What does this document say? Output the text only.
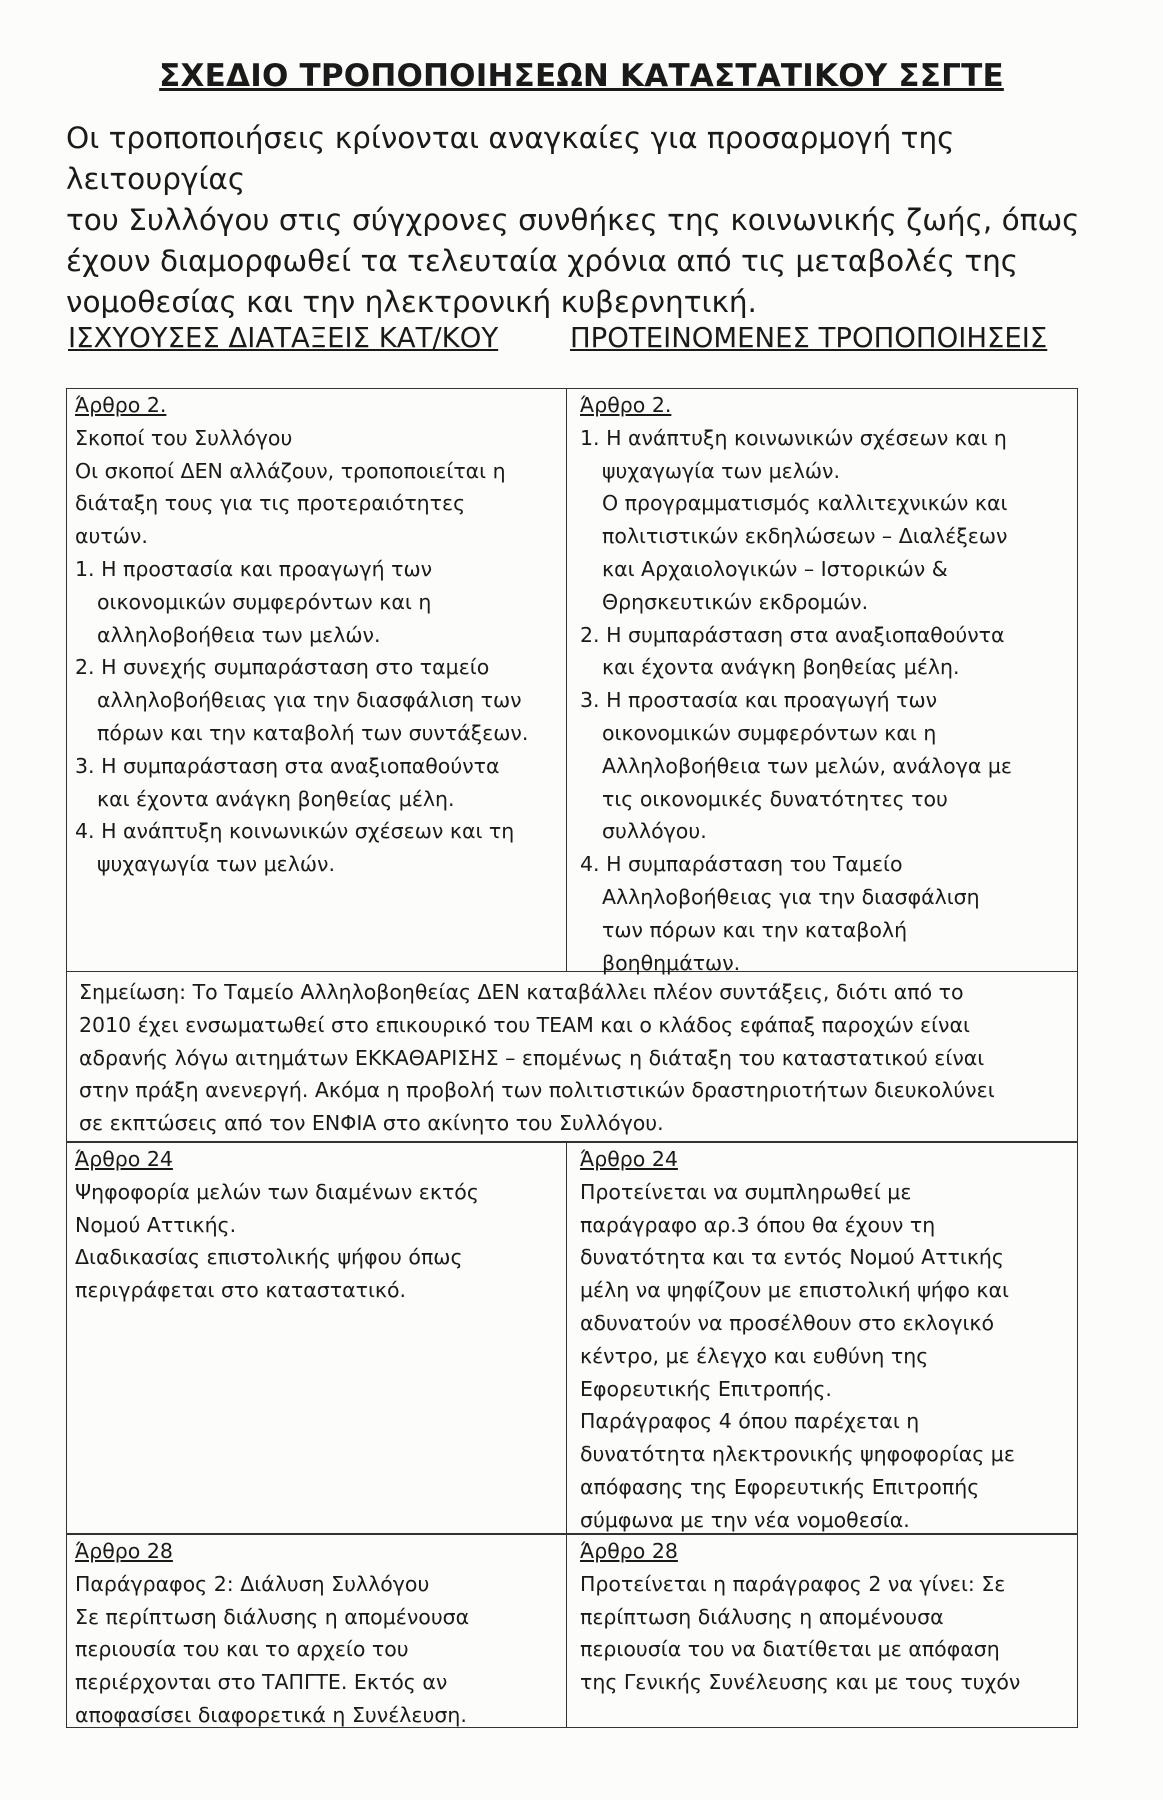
ΣΧΕΔΙΟ ΤΡΟΠΟΠΟΙΗΣΕΩΝ ΚΑΤΑΣΤΑΤΙΚΟΥ ΣΣΓΤΕ
Οι τροποποιήσεις κρίνονται αναγκαίες για προσαρμογή της λειτουργίας
του Συλλόγου στις σύγχρονες συνθήκες της κοινωνικής ζωής, όπως
έχουν διαμορφωθεί τα τελευταία χρόνια από τις μεταβολές της
νομοθεσίας και την ηλεκτρονική κυβερνητική.
ΙΣΧΥΟΥΣΕΣ ΔΙΑΤΑΞΕΙΣ ΚΑΤ/ΚΟΥ	ΠΡΟΤΕΙΝΟΜΕΝΕΣ ΤΡΟΠΟΠΟΙΗΣΕΙΣ
Άρθρο 2.
Σκοποί του Συλλόγου
Οι σκοποί ΔΕΝ αλλάζουν, τροποποιείται η
διάταξη τους για τις προτεραιότητες
αυτών.
1. Η προστασία και προαγωγή των
οικονομικών συμφερόντων και η
αλληλοβοήθεια των μελών.
2. Η συνεχής συμπαράσταση στο ταμείο
αλληλοβοήθειας για την διασφάλιση των
πόρων και την καταβολή των συντάξεων.
3. Η συμπαράσταση στα αναξιοπαθούντα
και έχοντα ανάγκη βοηθείας μέλη.
4. Η ανάπτυξη κοινωνικών σχέσεων και τη
ψυχαγωγία των μελών.
Άρθρο 2.
1. Η ανάπτυξη κοινωνικών σχέσεων και η
ψυχαγωγία των μελών.
Ο προγραμματισμός καλλιτεχνικών και
πολιτιστικών εκδηλώσεων – Διαλέξεων
και Αρχαιολογικών – Ιστορικών &
Θρησκευτικών εκδρομών.
2. Η συμπαράσταση στα αναξιοπαθούντα
και έχοντα ανάγκη βοηθείας μέλη.
3. Η προστασία και προαγωγή των
οικονομικών συμφερόντων και η
Αλληλοβοήθεια των μελών, ανάλογα με
τις οικονομικές δυνατότητες του
συλλόγου.
4. Η συμπαράσταση του Ταμείο
Αλληλοβοήθειας για την διασφάλιση
των πόρων και την καταβολή
βοηθημάτων.
Σημείωση: Το Ταμείο Αλληλοβοηθείας ΔΕΝ καταβάλλει πλέον συντάξεις, διότι από το
2010 έχει ενσωματωθεί στο επικουρικό του ΤΕΑΜ και ο κλάδος εφάπαξ παροχών είναι
αδρανής λόγω αιτημάτων ΕΚΚΑΘΑΡΙΣΗΣ – επομένως η διάταξη του καταστατικού είναι
στην πράξη ανενεργή. Ακόμα η προβολή των πολιτιστικών δραστηριοτήτων διευκολύνει
σε εκπτώσεις από τον ΕΝΦΙΑ στο ακίνητο του Συλλόγου.
Άρθρο 24
Ψηφοφορία μελών των διαμένων εκτός
Νομού Αττικής.
Διαδικασίας επιστολικής ψήφου όπως
περιγράφεται στο καταστατικό.
Άρθρο 24
Προτείνεται να συμπληρωθεί με
παράγραφο αρ.3 όπου θα έχουν τη
δυνατότητα και τα εντός Νομού Αττικής
μέλη να ψηφίζουν με επιστολική ψήφο και
αδυνατούν να προσέλθουν στο εκλογικό
κέντρο, με έλεγχο και ευθύνη της
Εφορευτικής Επιτροπής.
Παράγραφος 4 όπου παρέχεται η
δυνατότητα ηλεκτρονικής ψηφοφορίας με
απόφασης της Εφορευτικής Επιτροπής
σύμφωνα με την νέα νομοθεσία.
Άρθρο 28
Παράγραφος 2: Διάλυση Συλλόγου
Σε περίπτωση διάλυσης η απομένουσα
περιουσία του και το αρχείο του
περιέρχονται στο ΤΑΠΓΤΕ. Εκτός αν
αποφασίσει διαφορετικά η Συνέλευση.
Άρθρο 28
Προτείνεται η παράγραφος 2 να γίνει: Σε
περίπτωση διάλυσης η απομένουσα
περιουσία του να διατίθεται με απόφαση
της Γενικής Συνέλευσης και με τους τυχόν
